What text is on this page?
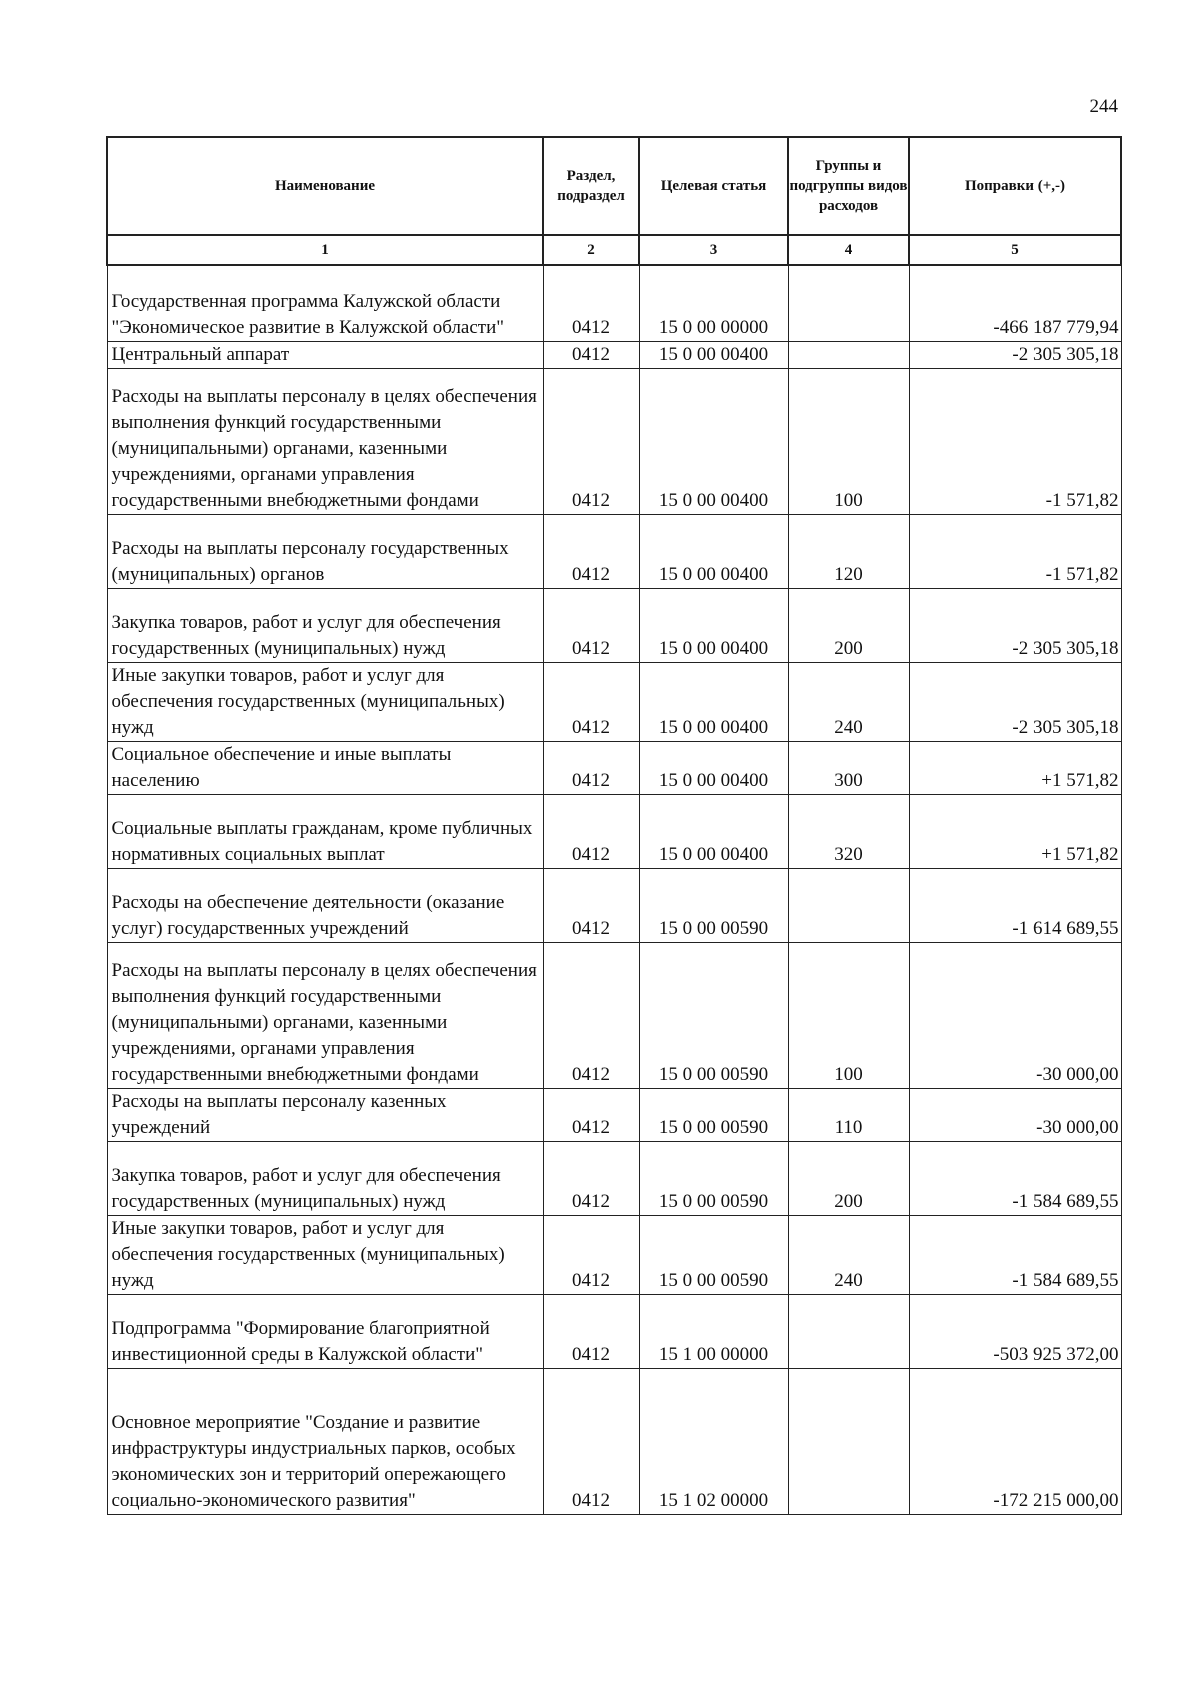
244
Наименование	Раздел, подраздел	Целевая статья	Группы и подгруппы видов расходов	Поправки (+,-)
1	2	3	4	5
Государственная программа Калужской области "Экономическое развитие в Калужской области"	0412	15 0 00 00000		-466 187 779,94
Центральный аппарат	0412	15 0 00 00400		-2 305 305,18
Расходы на выплаты персоналу в целях обеспечения выполнения функций государственными (муниципальными) органами, казенными учреждениями, органами управления государственными внебюджетными фондами	0412	15 0 00 00400	100	-1 571,82
Расходы на выплаты персоналу государственных (муниципальных) органов	0412	15 0 00 00400	120	-1 571,82
Закупка товаров, работ и услуг для обеспечения государственных (муниципальных) нужд	0412	15 0 00 00400	200	-2 305 305,18
Иные закупки товаров, работ и услуг для обеспечения государственных (муниципальных) нужд	0412	15 0 00 00400	240	-2 305 305,18
Социальное обеспечение и иные выплаты населению	0412	15 0 00 00400	300	+1 571,82
Социальные выплаты гражданам, кроме публичных нормативных социальных выплат	0412	15 0 00 00400	320	+1 571,82
Расходы на обеспечение деятельности (оказание услуг) государственных учреждений	0412	15 0 00 00590		-1 614 689,55
Расходы на выплаты персоналу в целях обеспечения выполнения функций государственными (муниципальными) органами, казенными учреждениями, органами управления государственными внебюджетными фондами	0412	15 0 00 00590	100	-30 000,00
Расходы на выплаты персоналу казенных учреждений	0412	15 0 00 00590	110	-30 000,00
Закупка товаров, работ и услуг для обеспечения государственных (муниципальных) нужд	0412	15 0 00 00590	200	-1 584 689,55
Иные закупки товаров, работ и услуг для обеспечения государственных (муниципальных) нужд	0412	15 0 00 00590	240	-1 584 689,55
Подпрограмма "Формирование благоприятной инвестиционной среды в Калужской области"	0412	15 1 00 00000		-503 925 372,00
Основное мероприятие "Создание и развитие инфраструктуры индустриальных парков, особых экономических зон и территорий опережающего социально-экономического развития"	0412	15 1 02 00000		-172 215 000,00
